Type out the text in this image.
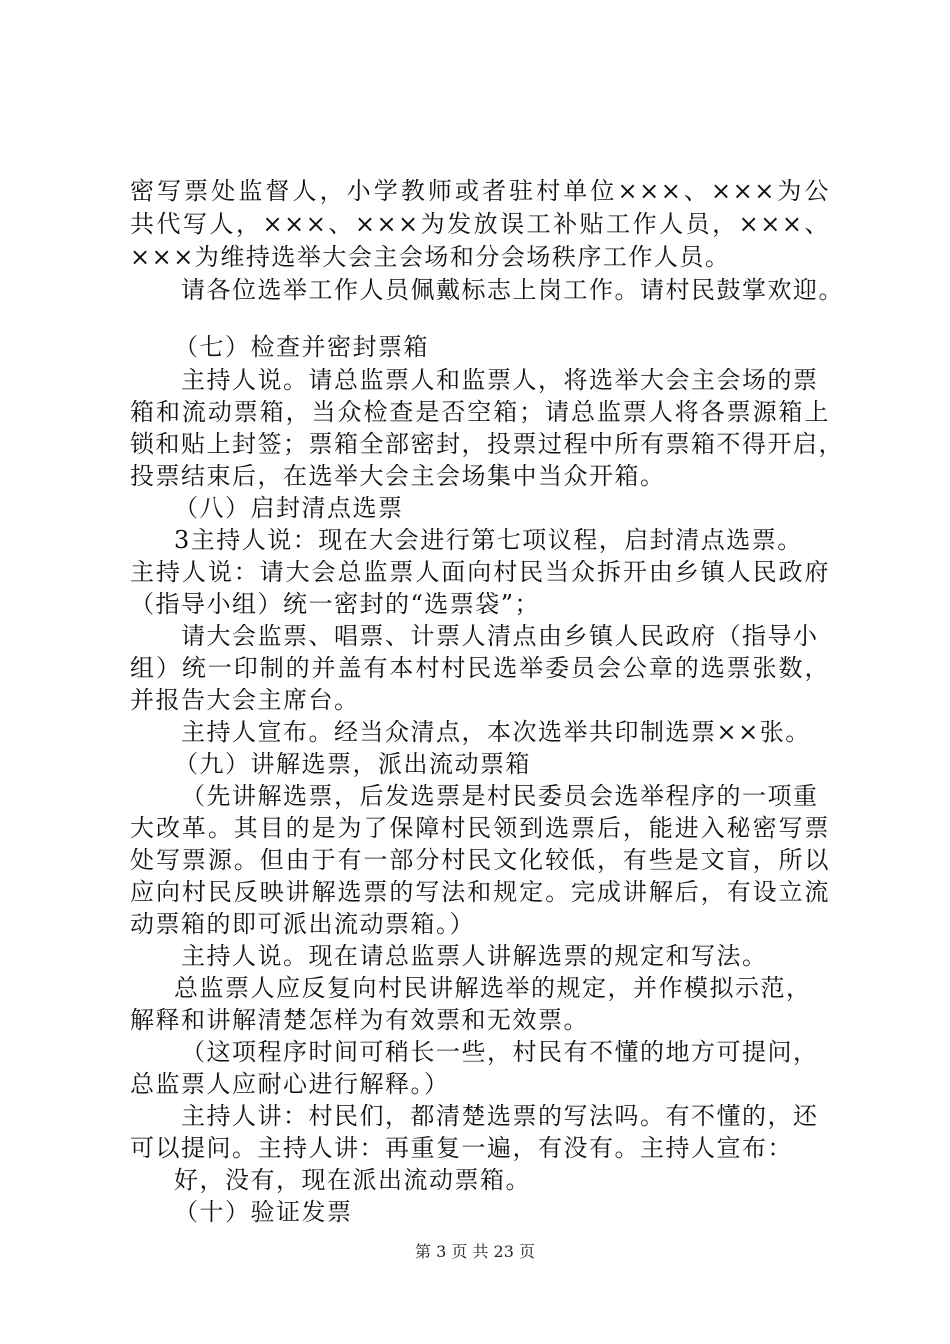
密写票处监督人，小学教师或者驻村单位×××、×××为公
共代写人，×××、×××为发放误工补贴工作人员，×××、
×××为维持选举大会主会场和分会场秩序工作人员。
请各位选举工作人员佩戴标志上岗工作。请村民鼓掌欢迎。
（七）检查并密封票箱
主持人说。请总监票人和监票人，将选举大会主会场的票
箱和流动票箱，当众检查是否空箱；请总监票人将各票源箱上
锁和贴上封签；票箱全部密封，投票过程中所有票箱不得开启，
投票结束后，在选举大会主会场集中当众开箱。
（八）启封清点选票
3主持人说：现在大会进行第七项议程，启封清点选票。
主持人说：请大会总监票人面向村民当众拆开由乡镇人民政府
（指导小组）统一密封的“选票袋”；
请大会监票、唱票、计票人清点由乡镇人民政府（指导小
组）统一印制的并盖有本村村民选举委员会公章的选票张数，
并报告大会主席台。
主持人宣布。经当众清点，本次选举共印制选票××张。
（九）讲解选票，派出流动票箱
（先讲解选票，后发选票是村民委员会选举程序的一项重
大改革。其目的是为了保障村民领到选票后，能进入秘密写票
处写票源。但由于有一部分村民文化较低，有些是文盲，所以
应向村民反映讲解选票的写法和规定。完成讲解后，有设立流
动票箱的即可派出流动票箱。）
主持人说。现在请总监票人讲解选票的规定和写法。
总监票人应反复向村民讲解选举的规定，并作模拟示范，
解释和讲解清楚怎样为有效票和无效票。
（这项程序时间可稍长一些，村民有不懂的地方可提问，
总监票人应耐心进行解释。）
主持人讲：村民们，都清楚选票的写法吗。有不懂的，还
可以提问。主持人讲：再重复一遍，有没有。主持人宣布：
好，没有，现在派出流动票箱。
（十）验证发票
第 3 页 共 23 页
